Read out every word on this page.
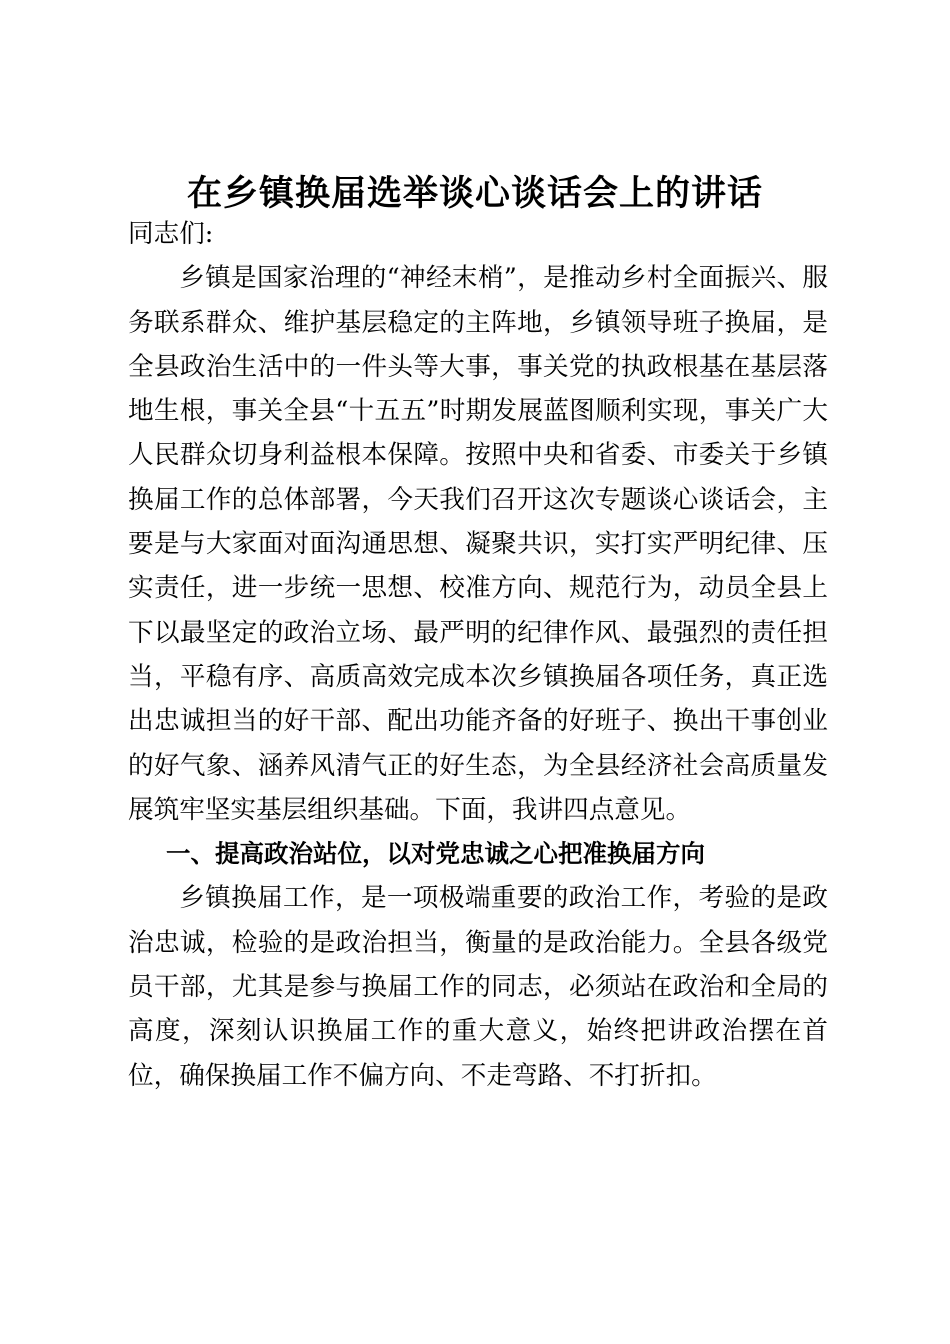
在乡镇换届选举谈心谈话会上的讲话

同志们:

乡镇是国家治理的“神经末梢”，是推动乡村全面振兴、服务联系群众、维护基层稳定的主阵地，乡镇领导班子换届，是全县政治生活中的一件头等大事，事关党的执政根基在基层落地生根，事关全县“十五五”时期发展蓝图顺利实现，事关广大人民群众切身利益根本保障。按照中央和省委、市委关于乡镇换届工作的总体部署，今天我们召开这次专题谈心谈话会，主要是与大家面对面沟通思想、凝聚共识，实打实严明纪律、压实责任，进一步统一思想、校准方向、规范行为，动员全县上下以最坚定的政治立场、最严明的纪律作风、最强烈的责任担当，平稳有序、高质高效完成本次乡镇换届各项任务，真正选出忠诚担当的好干部、配出功能齐备的好班子、换出干事创业的好气象、涵养风清气正的好生态，为全县经济社会高质量发展筑牢坚实基层组织基础。下面，我讲四点意见。

一、提高政治站位，以对党忠诚之心把准换届方向

乡镇换届工作，是一项极端重要的政治工作，考验的是政治忠诚，检验的是政治担当，衡量的是政治能力。全县各级党员干部，尤其是参与换届工作的同志，必须站在政治和全局的高度，深刻认识换届工作的重大意义，始终把讲政治摆在首位，确保换届工作不偏方向、不走弯路、不打折扣。
